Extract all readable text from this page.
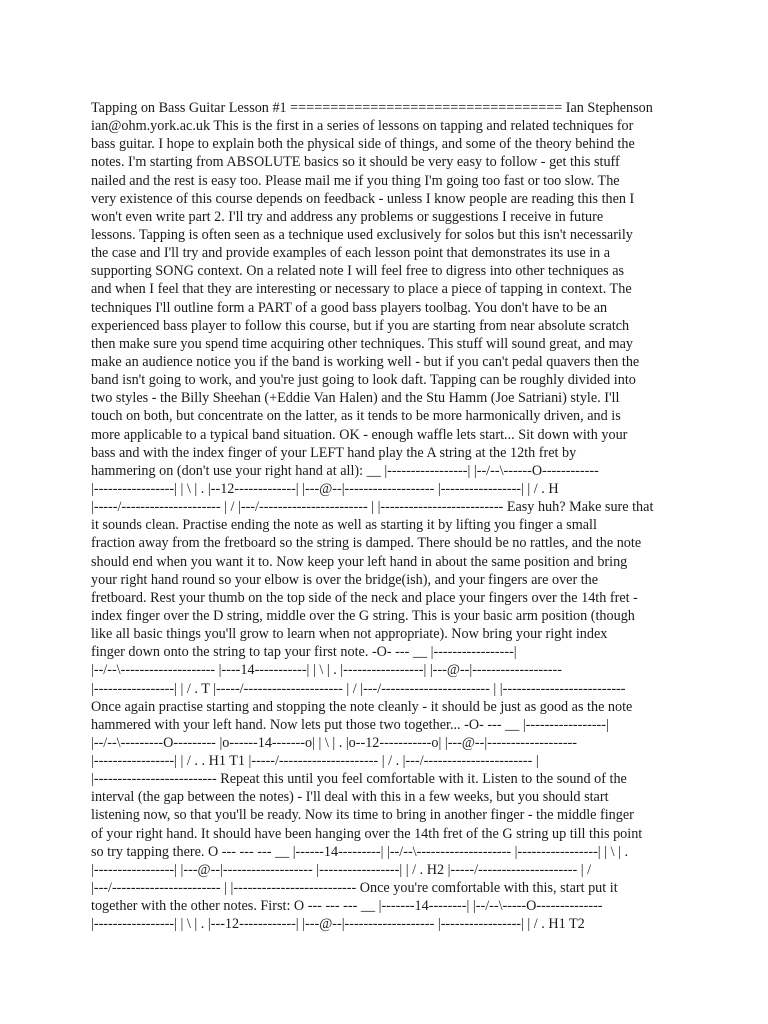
Tapping on Bass Guitar Lesson #1 ================================== Ian Stephenson
ian@ohm.york.ac.uk This is the first in a series of lessons on tapping and related techniques for
bass guitar. I hope to explain both the physical side of things, and some of the theory behind the
notes. I'm starting from ABSOLUTE basics so it should be very easy to follow - get this stuff
nailed and the rest is easy too. Please mail me if you thing I'm going too fast or too slow. The
very existence of this course depends on feedback - unless I know people are reading this then I
won't even write part 2. I'll try and address any problems or suggestions I receive in future
lessons. Tapping is often seen as a technique used exclusively for solos but this isn't necessarily
the case and I'll try and provide examples of each lesson point that demonstrates its use in a
supporting SONG context. On a related note I will feel free to digress into other techniques as
and when I feel that they are interesting or necessary to place a piece of tapping in context. The
techniques I'll outline form a PART of a good bass players toolbag. You don't have to be an
experienced bass player to follow this course, but if you are starting from near absolute scratch
then make sure you spend time acquiring other techniques. This stuff will sound great, and may
make an audience notice you if the band is working well - but if you can't pedal quavers then the
band isn't going to work, and you're just going to look daft. Tapping can be roughly divided into
two styles - the Billy Sheehan (+Eddie Van Halen) and the Stu Hamm (Joe Satriani) style. I'll
touch on both, but concentrate on the latter, as it tends to be more harmonically driven, and is
more applicable to a typical band situation. OK - enough waffle lets start... Sit down with your
bass and with the index finger of your LEFT hand play the A string at the 12th fret by
hammering on (don't use your right hand at all): __ |-----------------| |--/--\------O------------
|-----------------| | \ | . |--12-------------| |---@--|------------------- |-----------------| | / . H
|-----/--------------------- | / |---/----------------------- | |-------------------------- Easy huh? Make sure that
it sounds clean. Practise ending the note as well as starting it by lifting you finger a small
fraction away from the fretboard so the string is damped. There should be no rattles, and the note
should end when you want it to. Now keep your left hand in about the same position and bring
your right hand round so your elbow is over the bridge(ish), and your fingers are over the
fretboard. Rest your thumb on the top side of the neck and place your fingers over the 14th fret -
index finger over the D string, middle over the G string. This is your basic arm position (though
like all basic things you'll grow to learn when not appropriate). Now bring your right index
finger down onto the string to tap your first note. -O- --- __ |-----------------|
|--/--\-------------------- |----14-----------| | \ | . |-----------------| |---@--|-------------------
|-----------------| | / . T |-----/--------------------- | / |---/----------------------- | |--------------------------
Once again practise starting and stopping the note cleanly - it should be just as good as the note
hammered with your left hand. Now lets put those two together... -O- --- __ |-----------------|
|--/--\---------O--------- |o------14-------o| | \ | . |o--12-----------o| |---@--|-------------------
|-----------------| | / . . H1 T1 |-----/--------------------- | / . |---/----------------------- |
|-------------------------- Repeat this until you feel comfortable with it. Listen to the sound of the
interval (the gap between the notes) - I'll deal with this in a few weeks, but you should start
listening now, so that you'll be ready. Now its time to bring in another finger - the middle finger
of your right hand. It should have been hanging over the 14th fret of the G string up till this point
so try tapping there. O --- --- --- __ |------14---------| |--/--\-------------------- |-----------------| | \ | .
|-----------------| |---@--|------------------- |-----------------| | / . H2 |-----/--------------------- | /
|---/----------------------- | |-------------------------- Once you're comfortable with this, start put it
together with the other notes. First: O --- --- --- __ |-------14--------| |--/--\-----O--------------
|-----------------| | \ | . |---12------------| |---@--|------------------- |-----------------| | / . H1 T2
